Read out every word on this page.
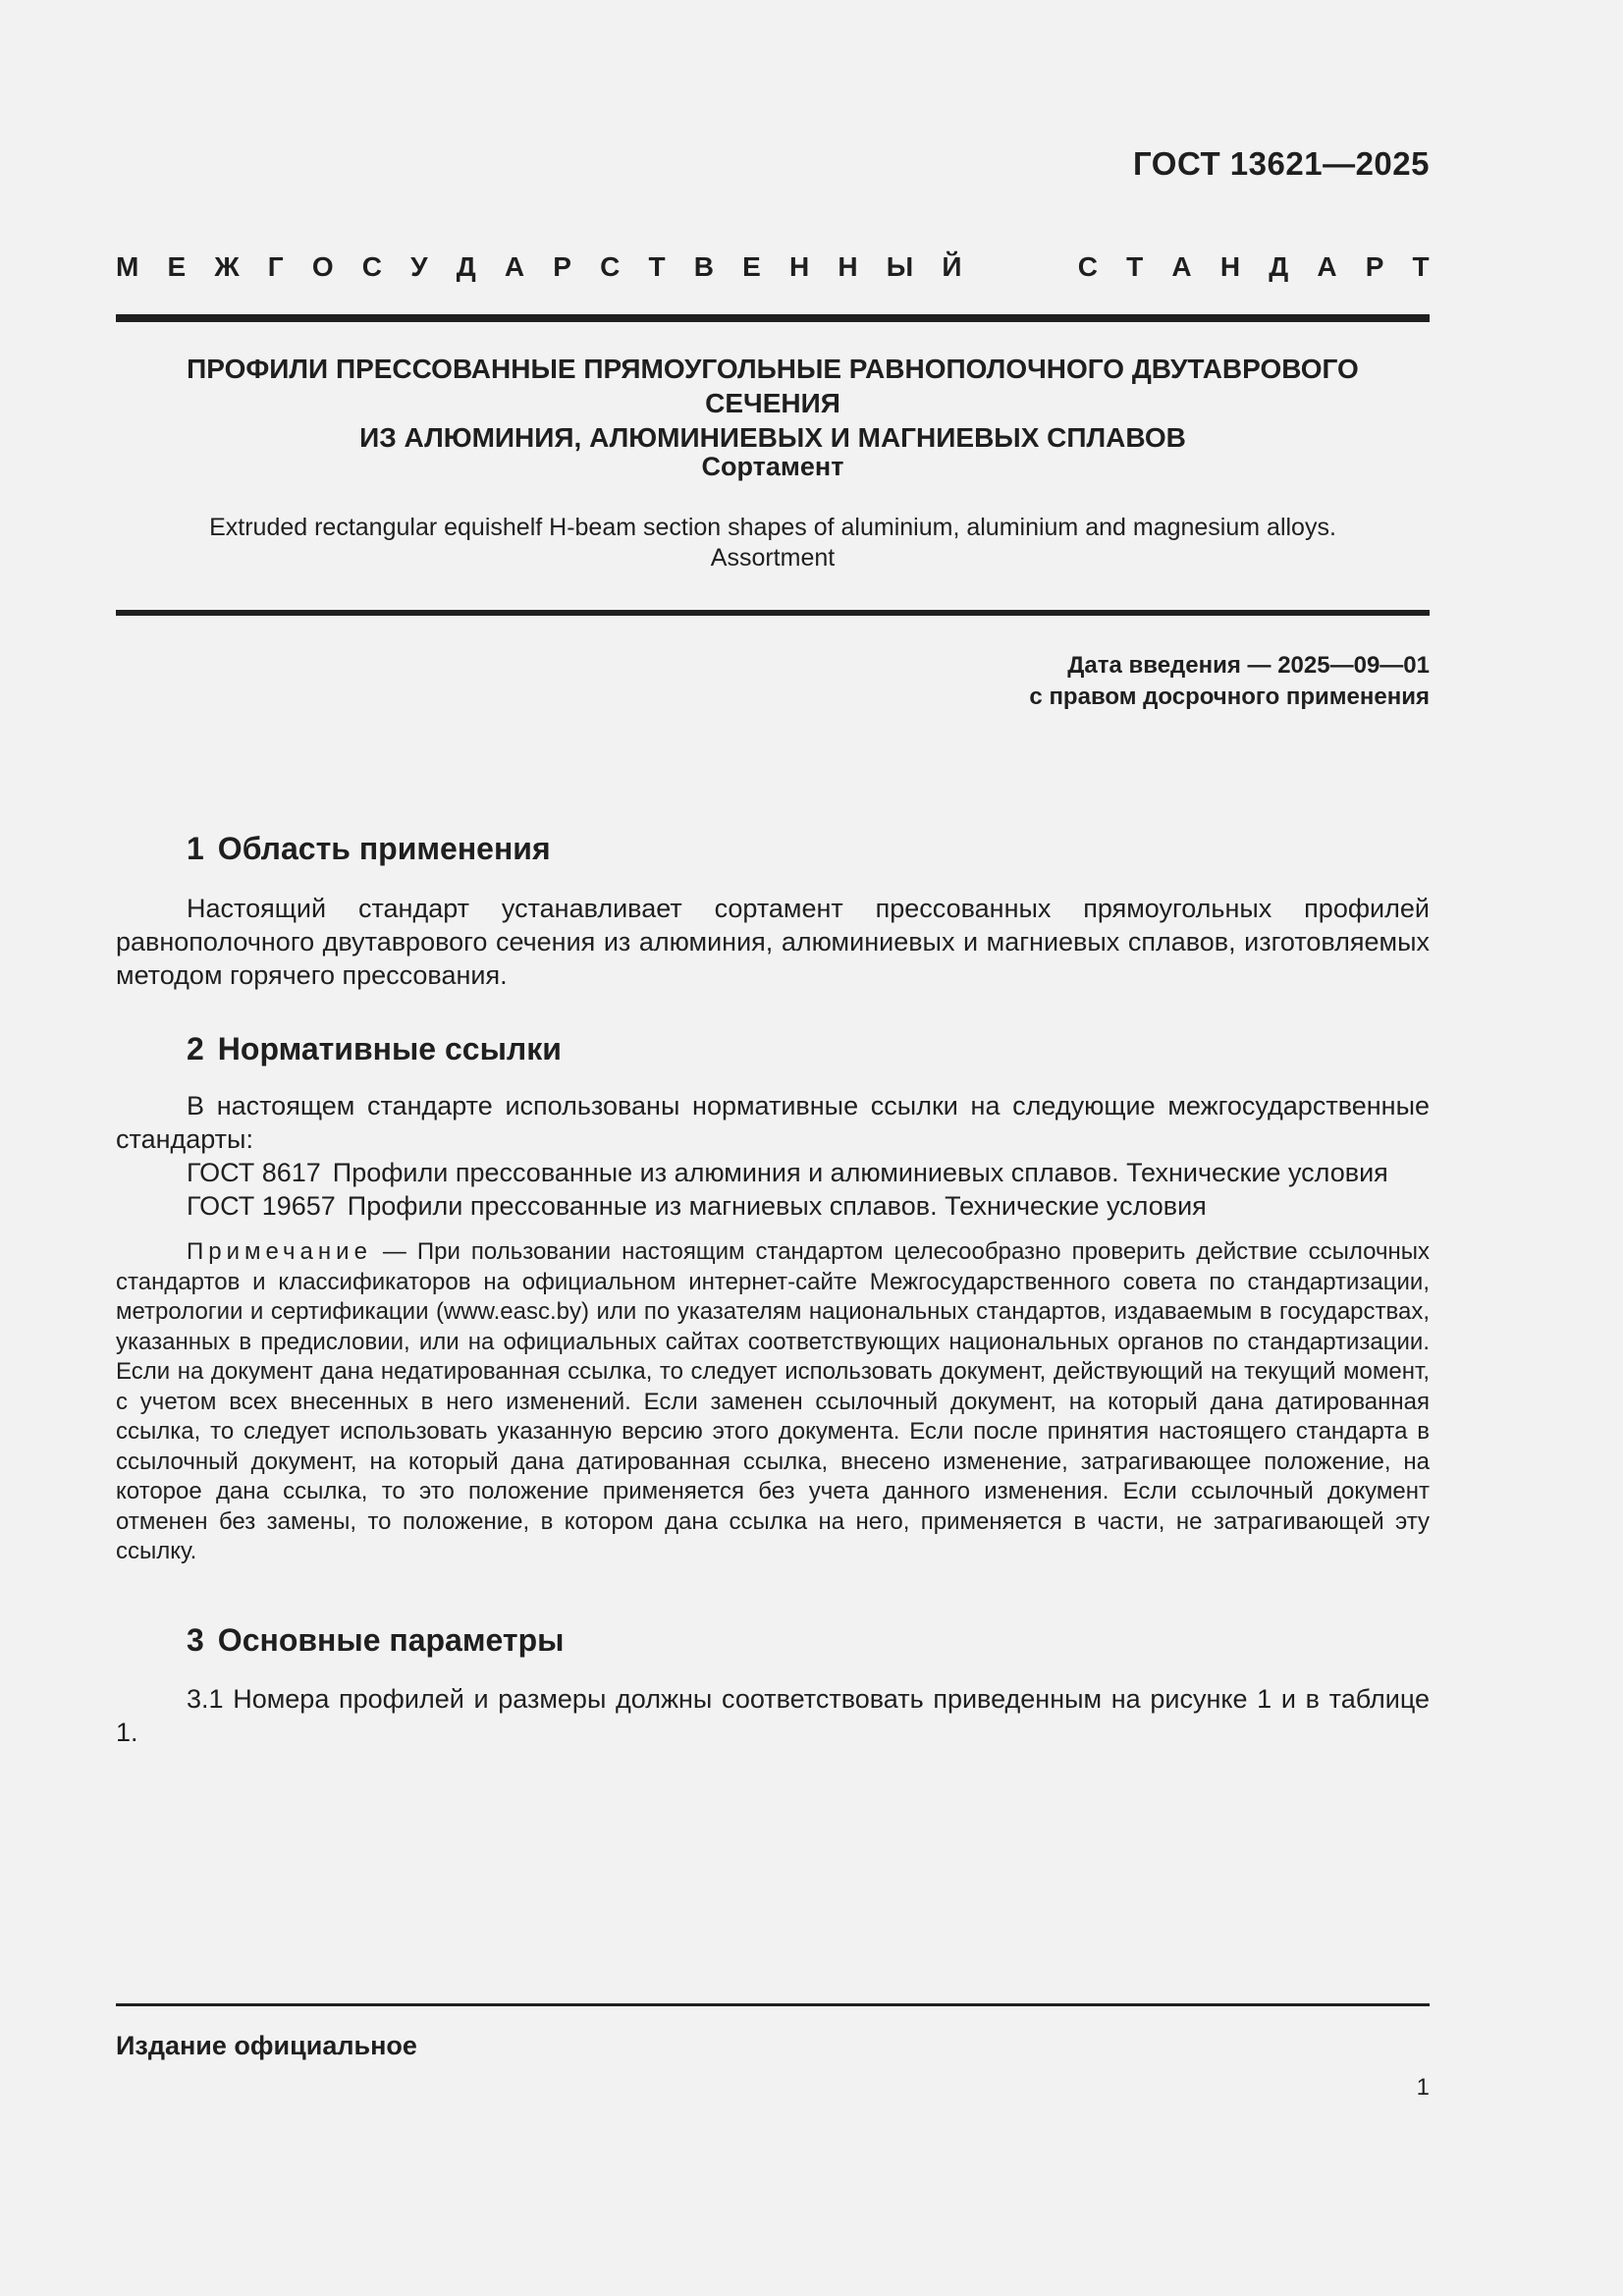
ГОСТ 13621—2025
М Е Ж Г О С У Д А Р С Т В Е Н Н Ы Й	С Т А Н Д А Р Т
ПРОФИЛИ ПРЕССОВАННЫЕ ПРЯМОУГОЛЬНЫЕ РАВНОПОЛОЧНОГО ДВУТАВРОВОГО СЕЧЕНИЯ
ИЗ АЛЮМИНИЯ, АЛЮМИНИЕВЫХ И МАГНИЕВЫХ СПЛАВОВ
Сортамент
Extruded rectangular equishelf H-beam section shapes of aluminium, aluminium and magnesium alloys.
Assortment
Дата введения — 2025—09—01
с правом досрочного применения
1 Область применения

Настоящий стандарт устанавливает сортамент прессованных прямоугольных профилей равнополочного двутаврового сечения из алюминия, алюминиевых и магниевых сплавов, изготовляемых методом горячего прессования.

2 Нормативные ссылки

В настоящем стандарте использованы нормативные ссылки на следующие межгосударственные стандарты:

ГОСТ 8617 Профили прессованные из алюминия и алюминиевых сплавов. Технические условия
ГОСТ 19657 Профили прессованные из магниевых сплавов. Технические условия

Примечание — При пользовании настоящим стандартом целесообразно проверить действие ссылочных стандартов и классификаторов на официальном интернет-сайте Межгосударственного совета по стандартизации, метрологии и сертификации (www.easc.by) или по указателям национальных стандартов, издаваемым в государствах, указанных в предисловии, или на официальных сайтах соответствующих национальных органов по стандартизации. Если на документ дана недатированная ссылка, то следует использовать документ, действующий на текущий момент, с учетом всех внесенных в него изменений. Если заменен ссылочный документ, на который дана датированная ссылка, то следует использовать указанную версию этого документа. Если после принятия настоящего стандарта в ссылочный документ, на который дана датированная ссылка, внесено изменение, затрагивающее положение, на которое дана ссылка, то это положение применяется без учета данного изменения. Если ссылочный документ отменен без замены, то положение, в котором дана ссылка на него, применяется в части, не затрагивающей эту ссылку.

3 Основные параметры

3.1 Номера профилей и размеры должны соответствовать приведенным на рисунке 1 и в таблице 1.

Издание официальное
1
